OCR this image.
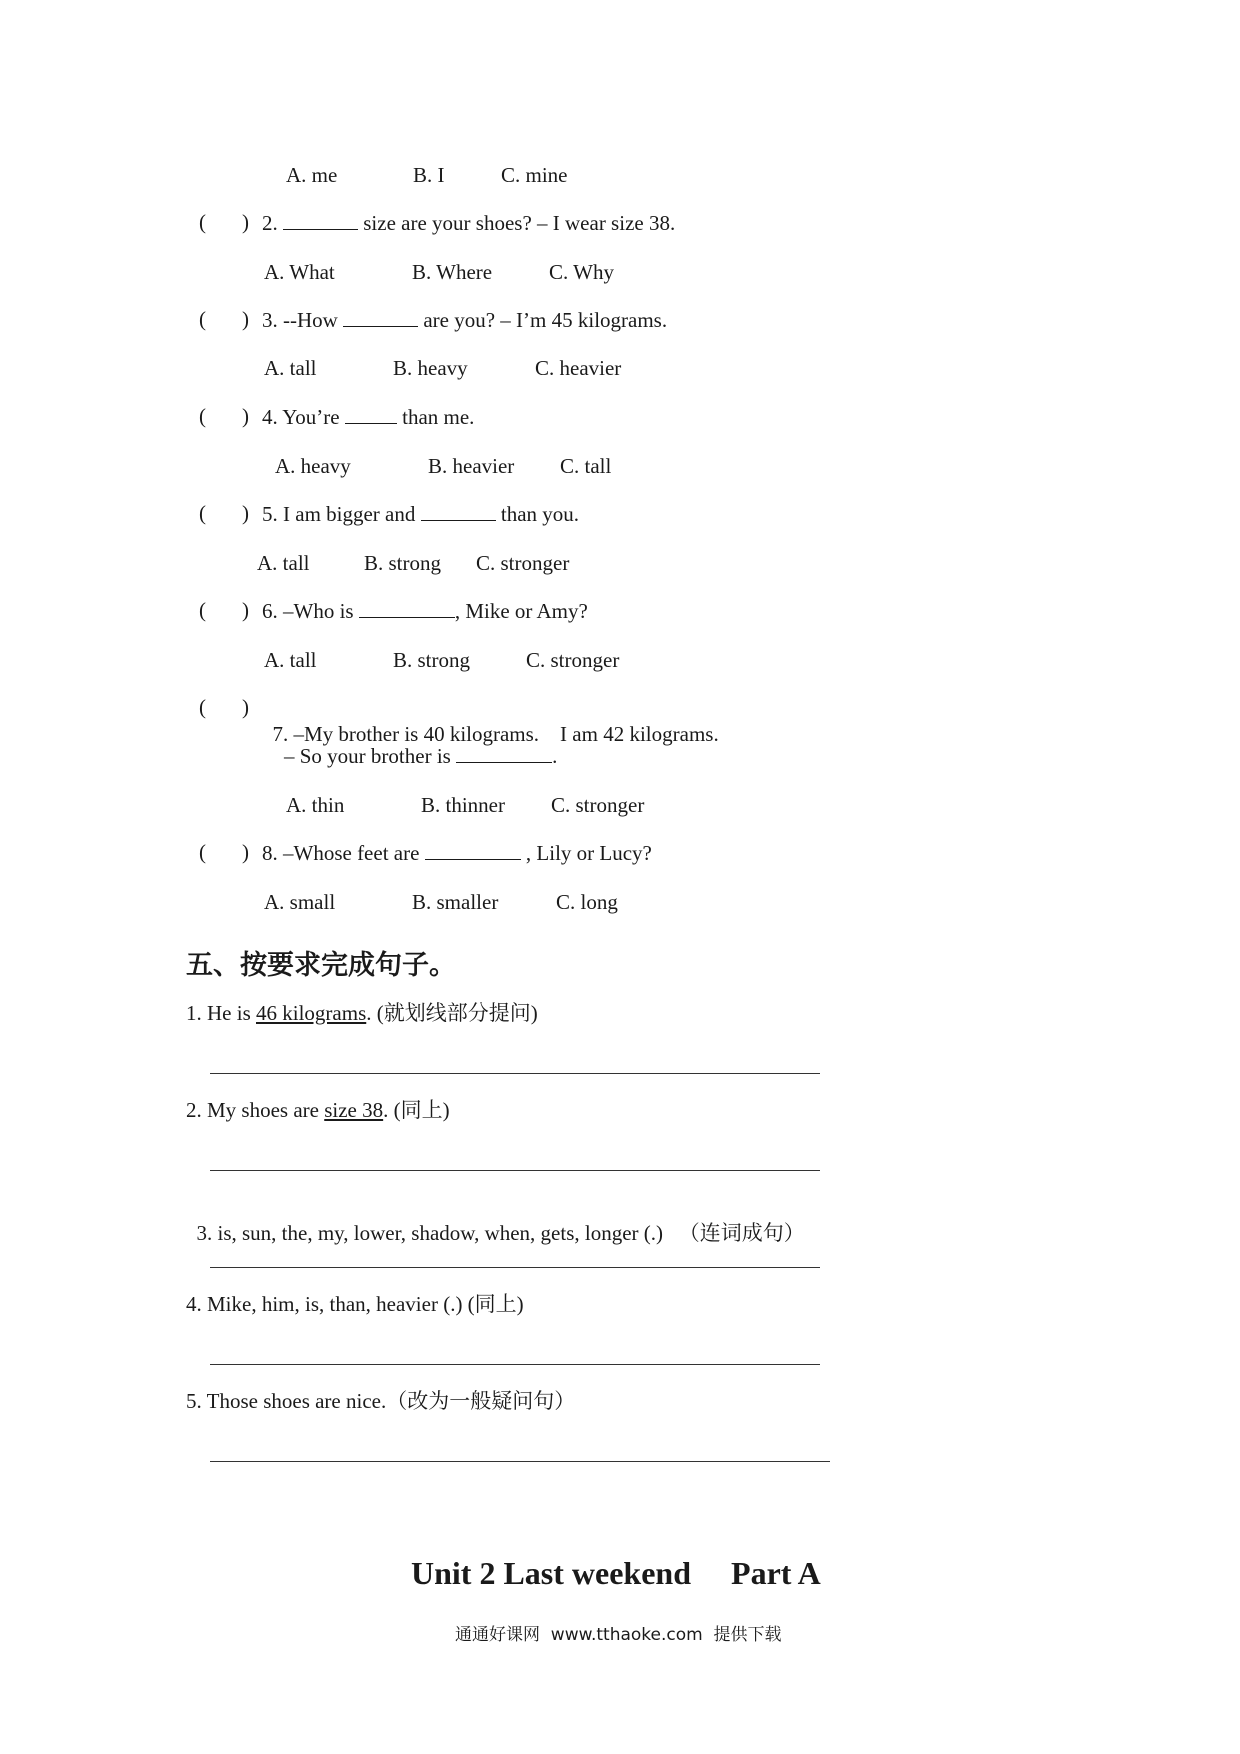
A. me	B. I	C. mine
( ) 2.	size are your shoes? – I wear size 38.
A. What	B. Where	C. Why
( ) 3. --How	are you? – I’m 45 kilograms.
A. tall	B. heavy	C. heavier
( ) 4. You’re	than me.
A. heavy	B. heavier C. tall
( ) 5. I am bigger and	than you.
A. tall	B. strong C. stronger
( ) 6. –Who is	, Mike or Amy?
A. tall	B. strong	C. stronger
( )

7. –My brother is 40 kilograms.    I am 42 kilograms.

– So your brother is	.
A. thin	B. thinner C. stronger
( ) 8. –Whose feet are	, Lily or Lucy?
A. small	B. smaller	C. long
五、按要求完成句子。
1. He is 46 kilograms. (就划线部分提问)
2. My shoes are size 38. (同上)

3. is, sun, the, my, lower, shadow, when, gets, longer (.)   （连词成句）

4. Mike, him, is, than, heavier (.) (同上)
5. Those shoes are nice.（改为一般疑问句）
Unit 2 Last weekend     Part A
通通好课网  www.tthaoke.com  提供下载
